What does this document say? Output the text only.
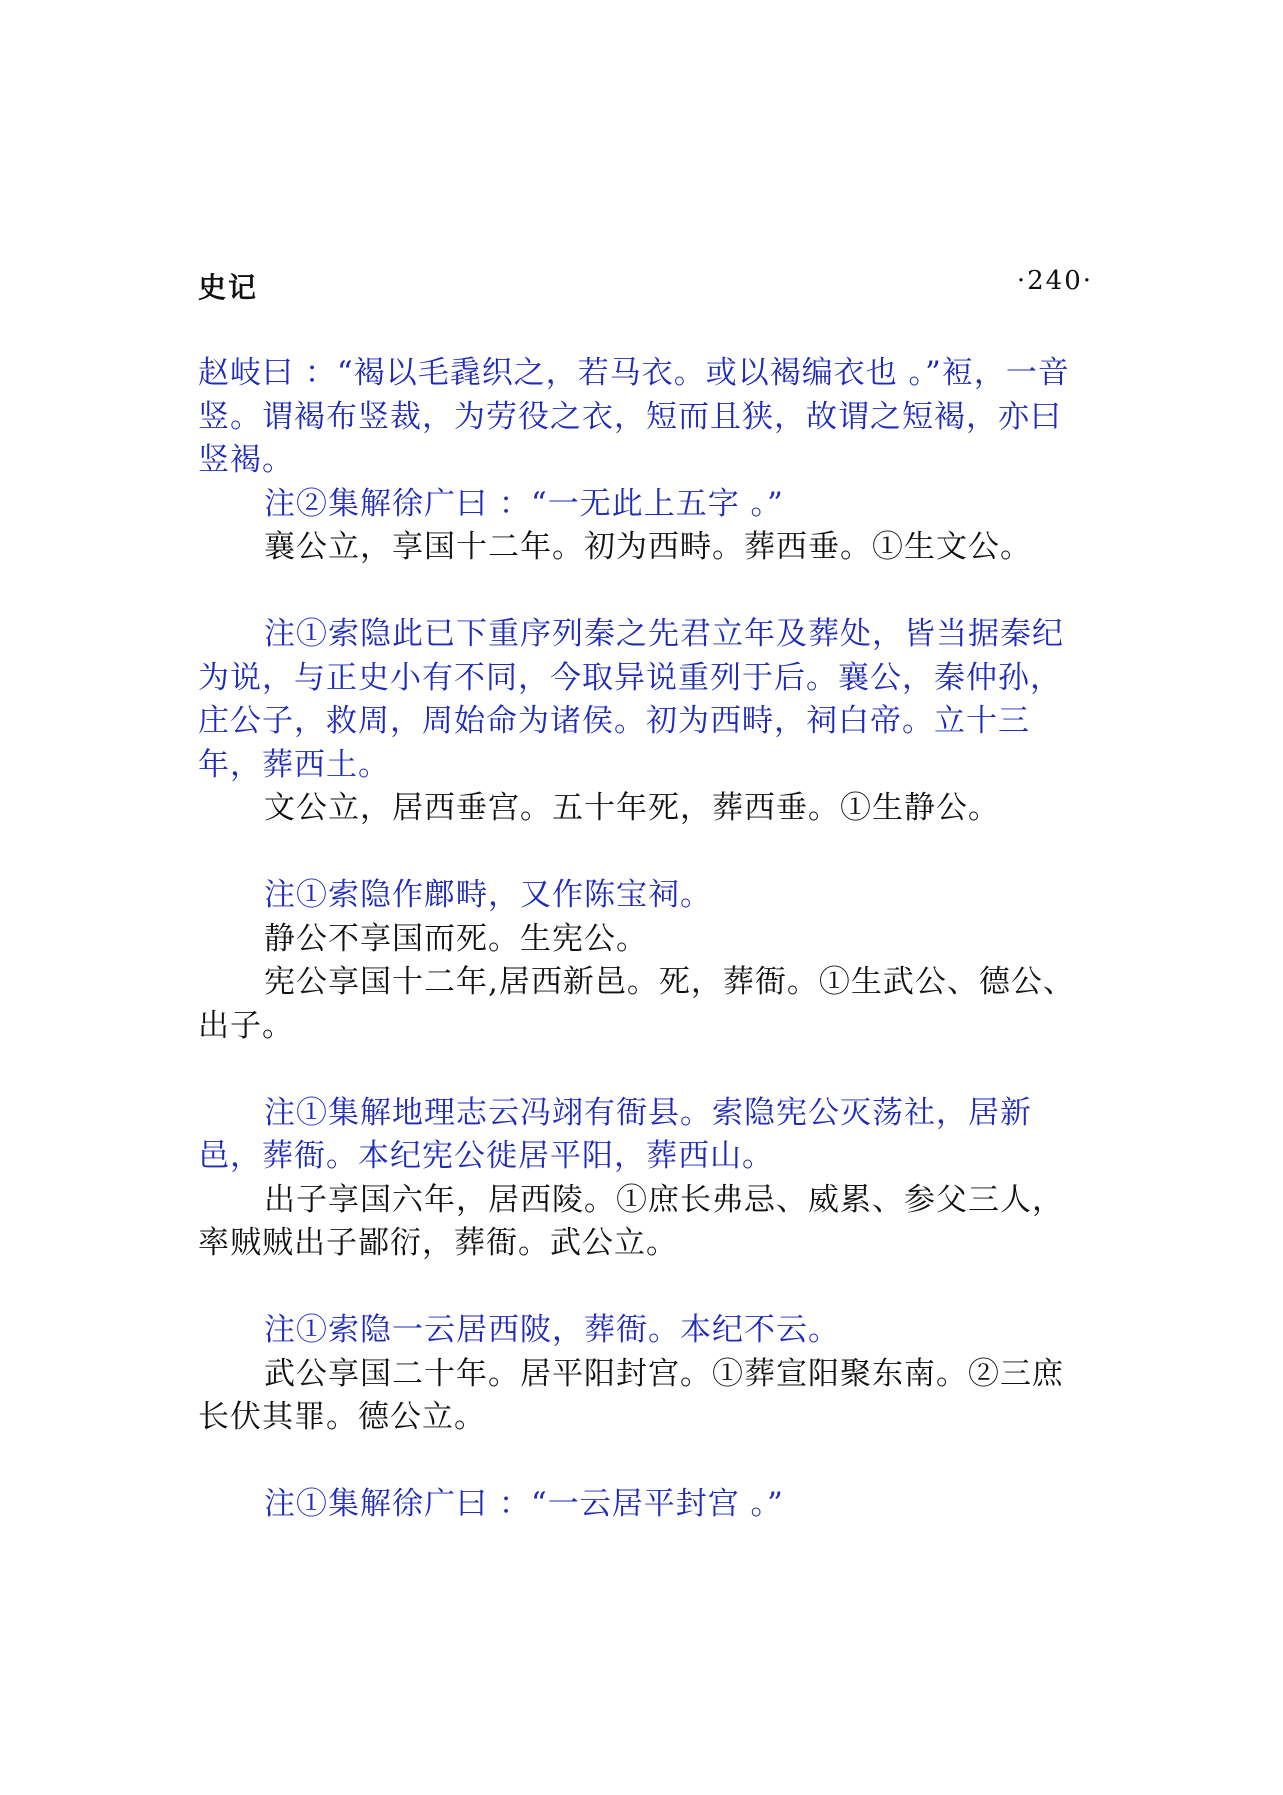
史记	·240·

赵岐曰 ：“褐以毛毳织之，若马衣。或以褐编衣也 。”裋，一音竖。谓褐布竖裁，为劳役之衣，短而且狭，故谓之短褐，亦曰竖褐。

注②集解徐广曰 ：“一无此上五字 。”

襄公立，享国十二年。初为西畤。葬西垂。①生文公。

注①索隐此已下重序列秦之先君立年及葬处，皆当据秦纪为说，与正史小有不同，今取异说重列于后。襄公，秦仲孙，庄公子，救周，周始命为诸侯。初为西畤，祠白帝。立十三年，葬西土。

文公立，居西垂宫。五十年死，葬西垂。①生静公。

注①索隐作鄜畤，又作陈宝祠。

静公不享国而死。生宪公。

宪公享国十二年,居西新邑。死，葬衙。①生武公、德公、出子。

注①集解地理志云冯翊有衙县。索隐宪公灭荡社，居新邑，葬衙。本纪宪公徙居平阳，葬西山。

出子享国六年，居西陵。①庶长弗忌、威累、参父三人，率贼贼出子鄙衍，葬衙。武公立。

注①索隐一云居西陂，葬衙。本纪不云。

武公享国二十年。居平阳封宫。①葬宣阳聚东南。②三庶长伏其罪。德公立。

注①集解徐广曰 ：“一云居平封宫 。”
